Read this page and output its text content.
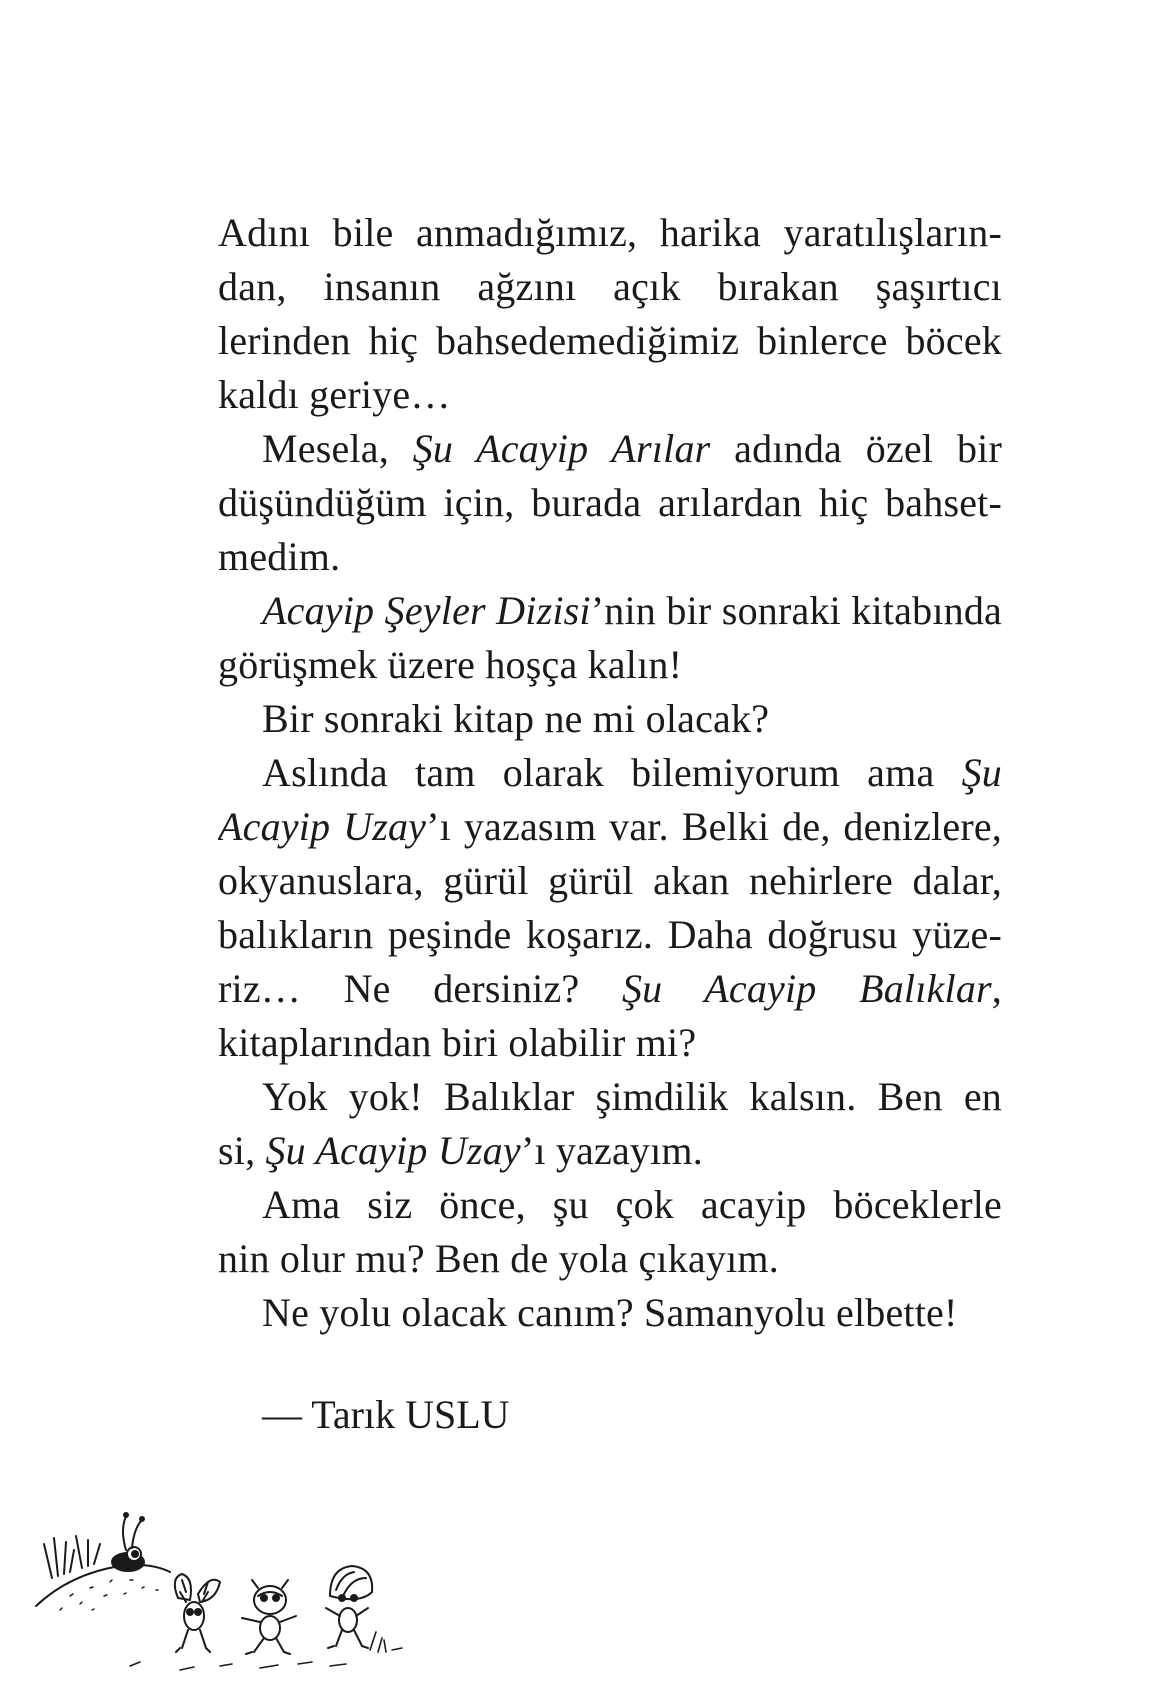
Adını bile anmadığımız, harika yaratılışların-
dan, insanın ağzını açık bırakan şaşırtıcı
lerinden hiç bahsedemediğimiz binlerce böcek
kaldı geriye…
Mesela, Şu Acayip Arılar adında özel bir
düşündüğüm için, burada arılardan hiç bahset-
medim.
Acayip Şeyler Dizisi’nin bir sonraki kitabında
görüşmek üzere hoşça kalın!
Bir sonraki kitap ne mi olacak?
Aslında tam olarak bilemiyorum ama Şu
Acayip Uzay’ı yazasım var. Belki de, denizlere,
okyanuslara, gürül gürül akan nehirlere dalar,
balıkların peşinde koşarız. Daha doğrusu yüze-
riz… Ne dersiniz? Şu Acayip Balıklar,
kitaplarından biri olabilir mi?
Yok yok! Balıklar şimdilik kalsın. Ben en
si, Şu Acayip Uzay’ı yazayım.
Ama siz önce, şu çok acayip böceklerle
nin olur mu? Ben de yola çıkayım.
Ne yolu olacak canım? Samanyolu elbette!
— Tarık USLU
